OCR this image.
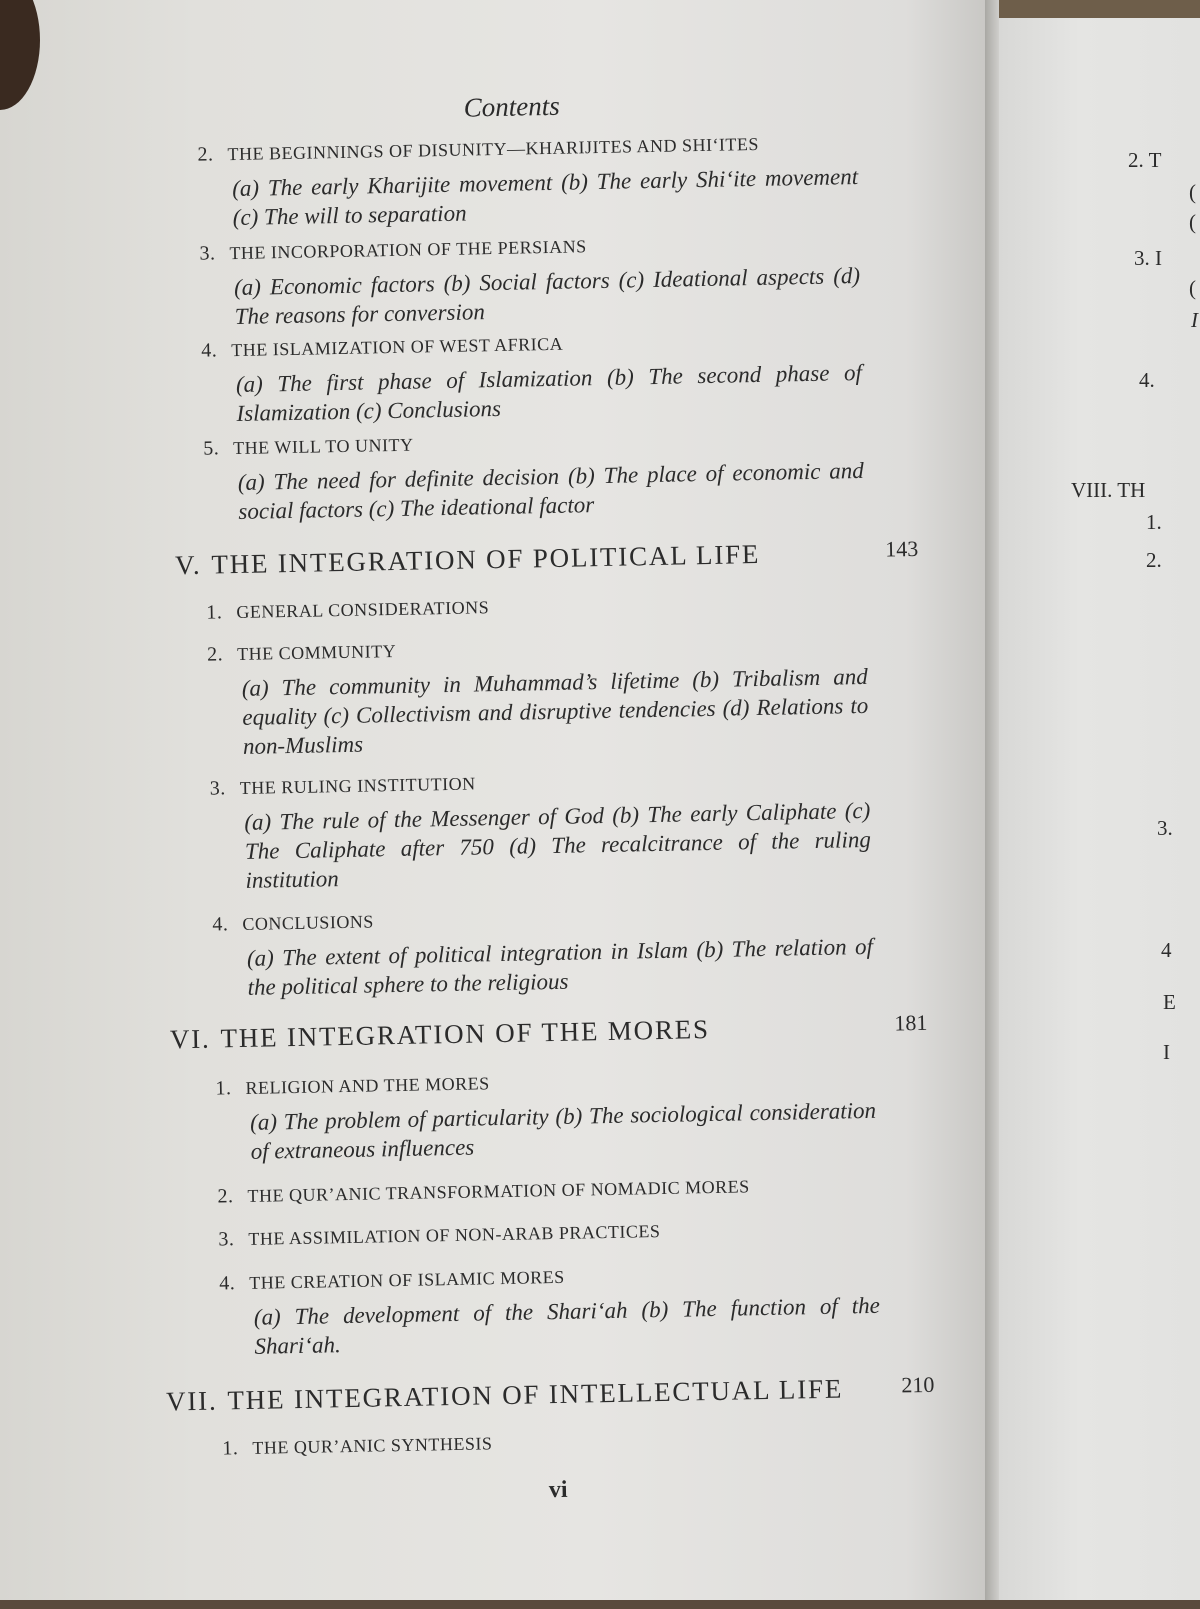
2. T
(
(
3. I
(
I
4.
VIII. TH
1.
2.
3.
4
E
I
Contents
2. THE BEGINNINGS OF DISUNITY—KHARIJITES AND SHIʻITES
(a) The early Kharijite movement (b) The early Shiʻite movement (c) The will to separation
3. THE INCORPORATION OF THE PERSIANS
(a) Economic factors (b) Social factors (c) Ideational aspects (d) The reasons for conversion
4. THE ISLAMIZATION OF WEST AFRICA
(a) The first phase of Islamization (b) The second phase of Islamization (c) Conclusions
5. THE WILL TO UNITY
(a) The need for definite decision (b) The place of economic and social factors (c) The ideational factor
V. THE INTEGRATION OF POLITICAL LIFE	143
1. GENERAL CONSIDERATIONS
2. THE COMMUNITY
(a) The community in Muhammad’s lifetime (b) Tribalism and equality (c) Collectivism and disruptive tendencies (d) Relations to non-Muslims
3. THE RULING INSTITUTION
(a) The rule of the Messenger of God (b) The early Caliphate (c) The Caliphate after 750 (d) The recalcitrance of the ruling institution
4. CONCLUSIONS
(a) The extent of political integration in Islam (b) The relation of the political sphere to the religious
VI. THE INTEGRATION OF THE MORES	181
1. RELIGION AND THE MORES
(a) The problem of particularity (b) The sociological consideration of extraneous influences
2. THE QUR’ANIC TRANSFORMATION OF NOMADIC MORES
3. THE ASSIMILATION OF NON-ARAB PRACTICES
4. THE CREATION OF ISLAMIC MORES
(a) The development of the Shariʻah (b) The function of the Shariʻah.
VII. THE INTEGRATION OF INTELLECTUAL LIFE	210
1. THE QUR’ANIC SYNTHESIS
vi
